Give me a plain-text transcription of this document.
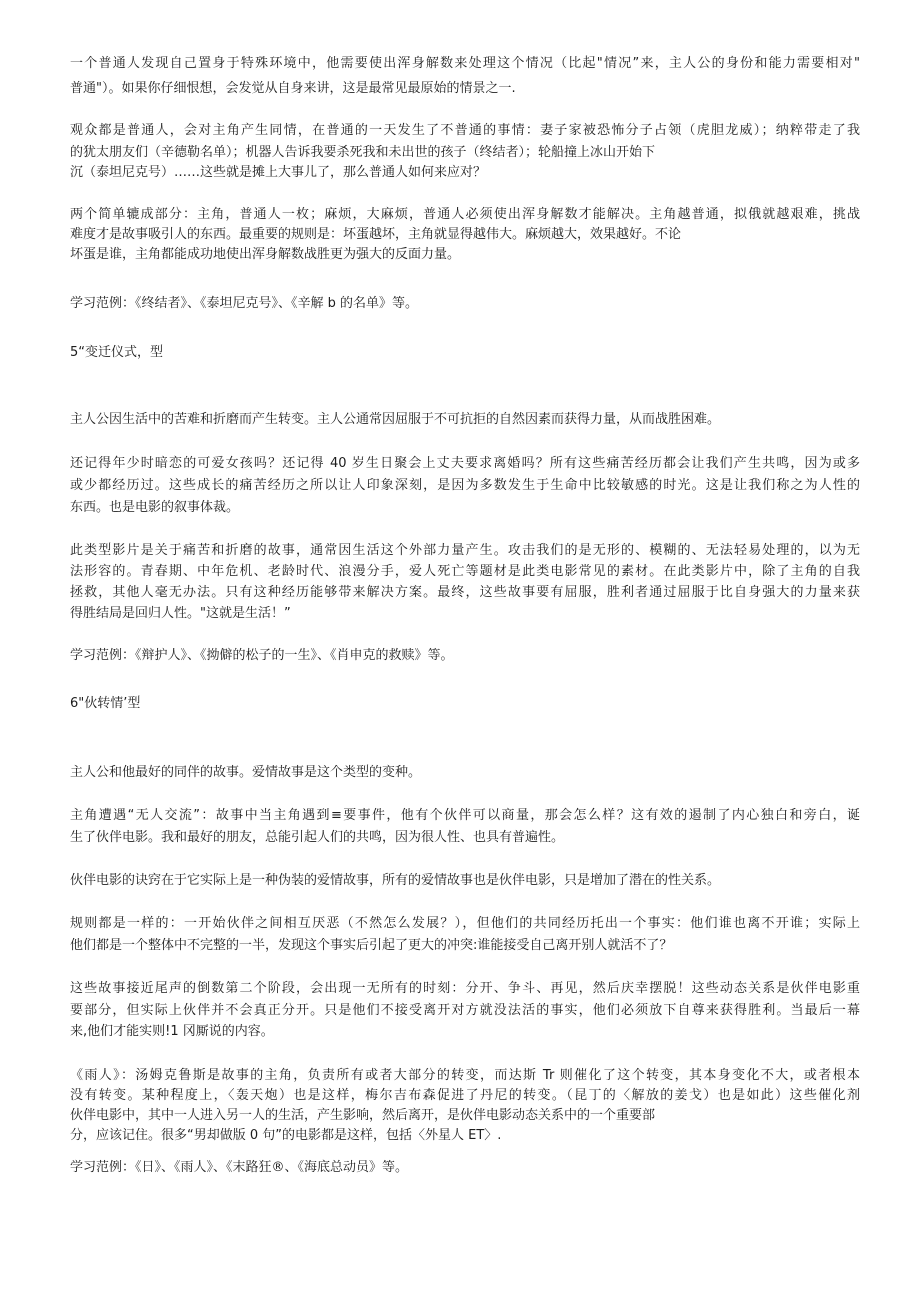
一个普通人发现自己置身于特殊环境中，他需要使出浑身解数来处理这个情况（比起"情况”来，主人公的身份和能力需要相对"

普通"）。如果你仔细恨想，会发觉从自身来讲，这是最常见最原始的情景之一.

观众都是普通人，会对主角产生同情，在普通的一天发生了不普通的事情：妻子家被恐怖分子占领（虎胆龙威）；纳粹带走了我

的犹太朋友们（辛德勒名单）；机器人告诉我要杀死我和未出世的孩子（终结者）；轮船撞上冰山开始下

沉（泰坦尼克号）……这些就是摊上大事儿了，那么普通人如何来应对？

两个简单辘成部分：主角，普通人一枚；麻烦，大麻烦，普通人必须使出浑身解数才能解决。主角越普通，拟俄就越艰难，挑战

难度才是故事吸引人的东西。最重要的规则是：坏蛋越坏，主角就显得越伟大。麻烦越大，效果越好。不论

坏蛋是谁，主角都能成功地使出浑身解数战胜更为强大的反面力量。

学习范例：《终结者》、《泰坦尼克号》、《辛解 b 的名单》等。

5“变迁仪式，型

主人公因生活中的苦难和折磨而产生转变。主人公通常因屈服于不可抗拒的自然因素而获得力量，从而战胜困难。

还记得年少时暗恋的可爱女孩吗？还记得 40 岁生日聚会上丈夫要求离婚吗？所有这些痛苦经历都会让我们产生共鸣，因为或多

或少都经历过。这些成长的痛苦经历之所以让人印象深刻，是因为多数发生于生命中比较敏感的时光。这是让我们称之为人性的

东西。也是电影的叙事体裁。

此类型影片是关于痛苦和折磨的故事，通常因生活这个外部力量产生。攻击我们的是无形的、模糊的、无法轻易处理的，以为无

法形容的。青春期、中年危机、老龄时代、浪漫分手，爱人死亡等题材是此类电影常见的素材。在此类影片中，除了主角的自我

拯救，其他人毫无办法。只有这种经历能够带来解决方案。最终，这些故事要有屈服，胜利者通过屈服于比自身强大的力量来获

得胜结局是回归人性。"这就是生活！”

学习范例：《辩护人》、《拗僻的松子的一生》、《肖申克的救赎》等。

6"伙转情’型

主人公和他最好的同伴的故事。爱情故事是这个类型的变种。

主角遭遇“无人交流”：故事中当主角遇到≡要事件，他有个伙伴可以商量，那会怎么样？这有效的遏制了内心独白和旁白，诞

生了伙伴电影。我和最好的朋友，总能引起人们的共鸣，因为很人性、也具有普遍性。

伙伴电影的诀窍在于它实际上是一种伪装的爱情故事，所有的爱情故事也是伙伴电影，只是增加了潜在的性关系。

规则都是一样的：一开始伙伴之间相互厌恶（不然怎么发展？），但他们的共同经历托出一个事实：他们谁也离不开谁；实际上

他们都是一个整体中不完整的一半，发现这个事实后引起了更大的冲突:谁能接受自己离开别人就活不了？

这些故事接近尾声的倒数第二个阶段，会出现一无所有的时刻：分开、争斗、再见，然后庆幸摆脱！这些动态关系是伙伴电影重

要部分，但实际上伙伴并不会真正分开。只是他们不接受离开对方就没法活的事实，他们必须放下自尊来获得胜利。当最后一幕

来,他们才能实则!1 冈厮说的内容。

《雨人》：汤姆克鲁斯是故事的主角，负责所有或者大部分的转变，而达斯 Tr 则催化了这个转变，其本身变化不大，或者根本

没有转变。某种程度上，〈轰天炮）也是这样，梅尔吉布森促进了丹尼的转变。（昆丁的〈解放的姜戈）也是如此）这些催化剂

伙伴电影中，其中一人进入另一人的生活，产生影响，然后离开，是伙伴电影动态关系中的一个重要部

分，应该记住。很多“男却做版 0 句”的电影都是这样，包括〈外星人 ET〉.

学习范例：《日》、《雨人》、《末路狂®、《海底总动员》等。
